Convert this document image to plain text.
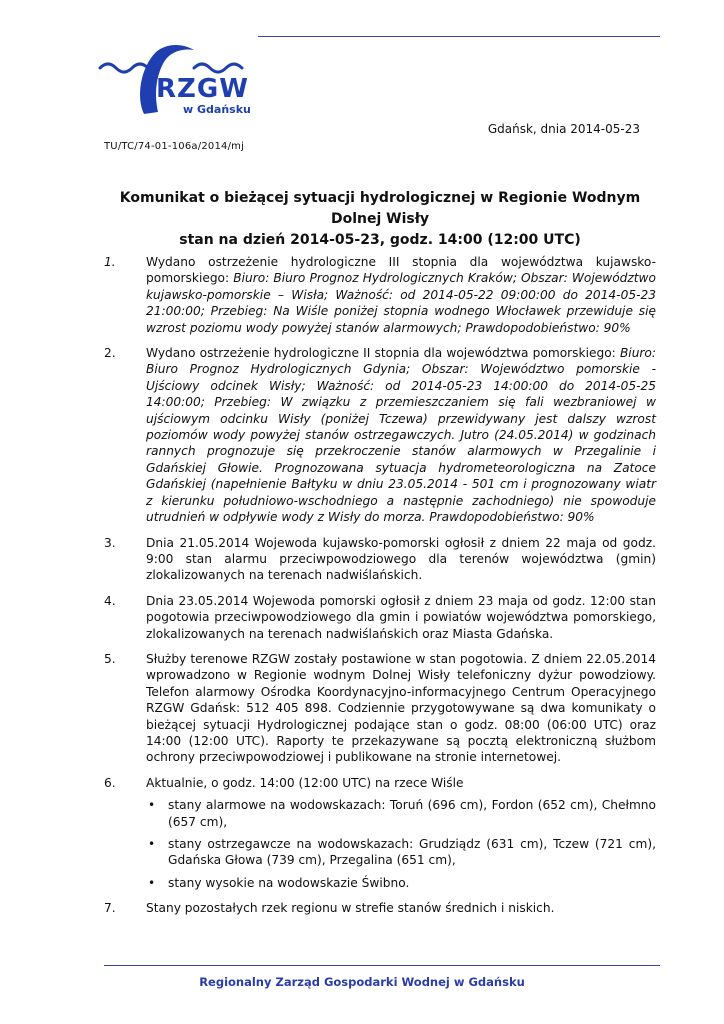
RZGW
w Gdańsku
Gdańsk, dnia 2014-05-23
TU/TC/74-01-106a/2014/mj
Komunikat o bieżącej sytuacji hydrologicznej w Regionie Wodnym Dolnej Wisły
stan na dzień 2014-05-23, godz. 14:00 (12:00 UTC)
1. Wydano ostrzeżenie hydrologiczne III stopnia dla województwa kujawsko-pomorskiego: Biuro: Biuro Prognoz Hydrologicznych Kraków; Obszar: Województwo kujawsko-pomorskie – Wisła; Ważność: od 2014-05-22 09:00:00 do 2014-05-23 21:00:00; Przebieg: Na Wiśle poniżej stopnia wodnego Włocławek przewiduje się wzrost poziomu wody powyżej stanów alarmowych; Prawdopodobieństwo: 90%
2. Wydano ostrzeżenie hydrologiczne II stopnia dla województwa pomorskiego: Biuro: Biuro Prognoz Hydrologicznych Gdynia; Obszar: Województwo pomorskie - Ujściowy odcinek Wisły; Ważność: od 2014-05-23 14:00:00 do 2014-05-25 14:00:00; Przebieg: W związku z przemieszczaniem się fali wezbraniowej w ujściowym odcinku Wisły (poniżej Tczewa) przewidywany jest dalszy wzrost poziomów wody powyżej stanów ostrzegawczych. Jutro (24.05.2014) w godzinach rannych prognozuje się przekroczenie stanów alarmowych w Przegalinie i Gdańskiej Głowie. Prognozowana sytuacja hydrometeorologiczna na Zatoce Gdańskiej (napełnienie Bałtyku w dniu 23.05.2014 - 501 cm i prognozowany wiatr z kierunku południowo-wschodniego a następnie zachodniego) nie spowoduje utrudnień w odpływie wody z Wisły do morza. Prawdopodobieństwo: 90%
3. Dnia 21.05.2014 Wojewoda kujawsko-pomorski ogłosił z dniem 22 maja od godz. 9:00 stan alarmu przeciwpowodziowego dla terenów województwa (gmin) zlokalizowanych na terenach nadwiślańskich.
4. Dnia 23.05.2014 Wojewoda pomorski ogłosił z dniem 23 maja od godz. 12:00 stan pogotowia przeciwpowodziowego dla gmin i powiatów województwa pomorskiego, zlokalizowanych na terenach nadwiślańskich oraz Miasta Gdańska.
5. Służby terenowe RZGW zostały postawione w stan pogotowia. Z dniem 22.05.2014 wprowadzono w Regionie wodnym Dolnej Wisły telefoniczny dyżur powodziowy. Telefon alarmowy Ośrodka Koordynacyjno-informacyjnego Centrum Operacyjnego RZGW Gdańsk: 512 405 898. Codziennie przygotowywane są dwa komunikaty o bieżącej sytuacji Hydrologicznej podające stan o godz. 08:00 (06:00 UTC) oraz 14:00 (12:00 UTC). Raporty te przekazywane są pocztą elektroniczną służbom ochrony przeciwpowodziowej i publikowane na stronie internetowej.
6. Aktualnie, o godz. 14:00 (12:00 UTC) na rzece Wiśle
• stany alarmowe na wodowskazach: Toruń (696 cm), Fordon (652 cm), Chełmno (657 cm),
• stany ostrzegawcze na wodowskazach: Grudziądz (631 cm), Tczew (721 cm), Gdańska Głowa (739 cm), Przegalina (651 cm),
• stany wysokie na wodowskazie Świbno.
7. Stany pozostałych rzek regionu w strefie stanów średnich i niskich.
Regionalny Zarząd Gospodarki Wodnej w Gdańsku
